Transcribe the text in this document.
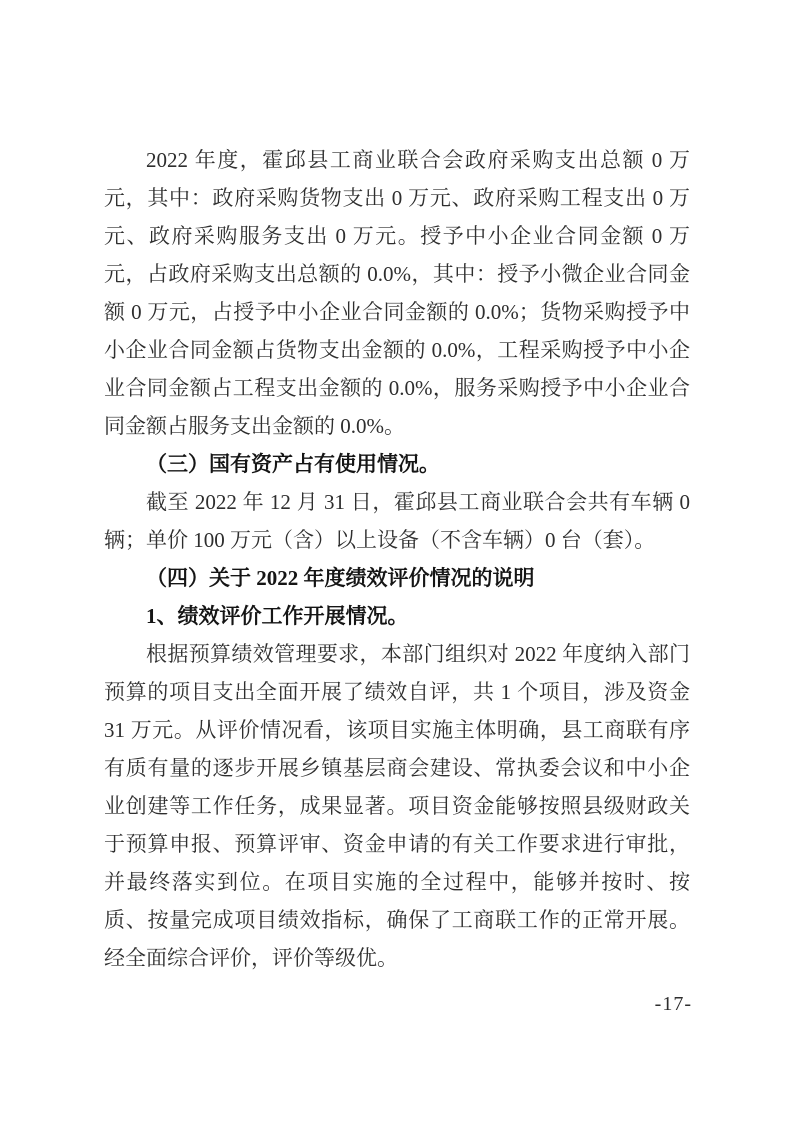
2022 年度，霍邱县工商业联合会政府采购支出总额 0 万元，其中：政府采购货物支出 0 万元、政府采购工程支出 0 万元、政府采购服务支出 0 万元。授予中小企业合同金额 0 万元，占政府采购支出总额的 0.0%，其中：授予小微企业合同金额 0 万元，占授予中小企业合同金额的 0.0%；货物采购授予中小企业合同金额占货物支出金额的 0.0%，工程采购授予中小企业合同金额占工程支出金额的 0.0%，服务采购授予中小企业合同金额占服务支出金额的 0.0%。

（三）国有资产占有使用情况。

截至 2022 年 12 月 31 日，霍邱县工商业联合会共有车辆 0 辆；单价 100 万元（含）以上设备（不含车辆）0 台（套）。

（四）关于 2022 年度绩效评价情况的说明

1、绩效评价工作开展情况。

根据预算绩效管理要求，本部门组织对 2022 年度纳入部门预算的项目支出全面开展了绩效自评，共 1 个项目，涉及资金 31 万元。从评价情况看，该项目实施主体明确，县工商联有序有质有量的逐步开展乡镇基层商会建设、常执委会议和中小企业创建等工作任务，成果显著。项目资金能够按照县级财政关于预算申报、预算评审、资金申请的有关工作要求进行审批，并最终落实到位。在项目实施的全过程中，能够并按时、按质、按量完成项目绩效指标，确保了工商联工作的正常开展。经全面综合评价，评价等级优。

-17-
